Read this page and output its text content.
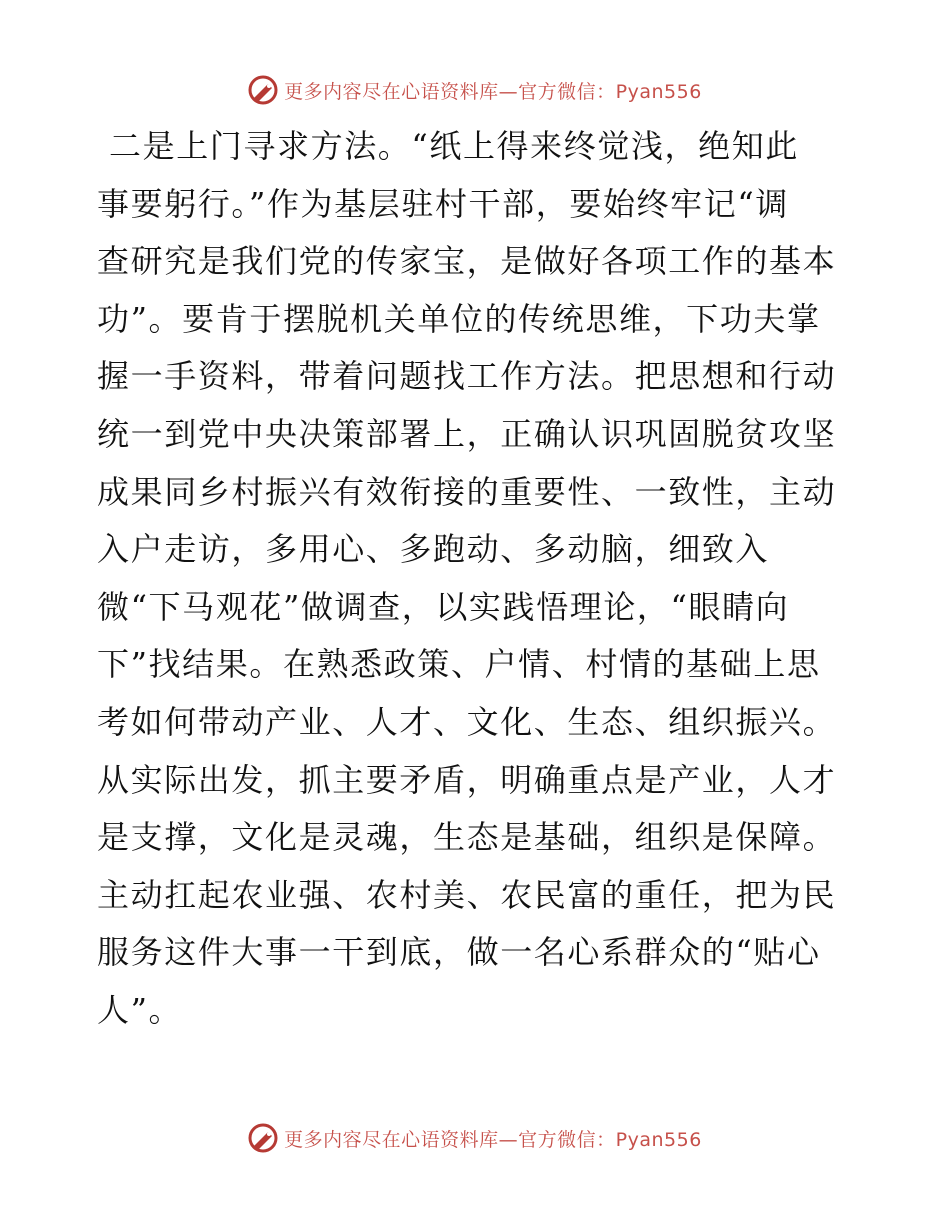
更多内容尽在心语资料库—官方微信：Pyan556
二是上门寻求方法。“纸上得来终觉浅，绝知此
事要躬行。”作为基层驻村干部，要始终牢记“调
查研究是我们党的传家宝，是做好各项工作的基本
功”。要肯于摆脱机关单位的传统思维，下功夫掌
握一手资料，带着问题找工作方法。把思想和行动
统一到党中央决策部署上，正确认识巩固脱贫攻坚
成果同乡村振兴有效衔接的重要性、一致性，主动
入户走访，多用心、多跑动、多动脑，细致入
微“下马观花”做调查，以实践悟理论，“眼睛向
下”找结果。在熟悉政策、户情、村情的基础上思
考如何带动产业、人才、文化、生态、组织振兴。
从实际出发，抓主要矛盾，明确重点是产业，人才
是支撑，文化是灵魂，生态是基础，组织是保障。
主动扛起农业强、农村美、农民富的重任，把为民
服务这件大事一干到底，做一名心系群众的“贴心
人”。
更多内容尽在心语资料库—官方微信：Pyan556
